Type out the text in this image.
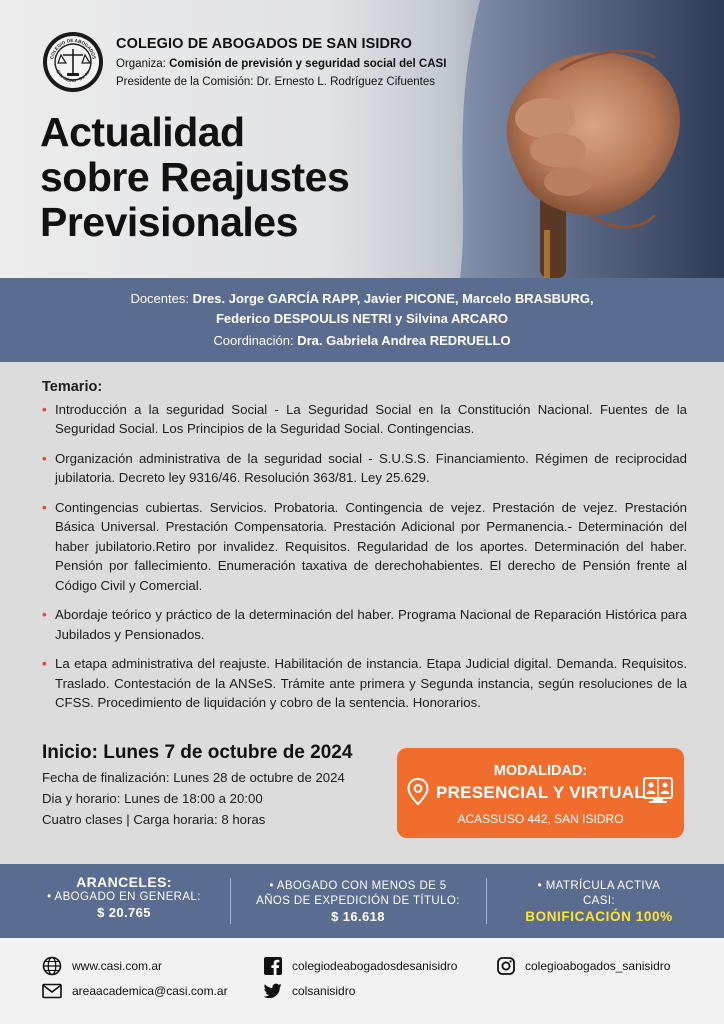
COLEGIO DE ABOGADOS
SAN ISIDRO · Bs. As.
COLEGIO DE ABOGADOS DE SAN ISIDRO
Organiza: Comisión de previsión y seguridad social del CASI
Presidente de la Comisión: Dr. Ernesto L. Rodríguez Cifuentes
Actualidad
sobre Reajustes
Previsionales
Docentes: Dres. Jorge GARCÍA RAPP, Javier PICONE, Marcelo BRASBURG,
Federico DESPOULIS NETRI y Silvina ARCARO
Coordinación: Dra. Gabriela Andrea REDRUELLO
Temario:
• Introducción a la seguridad Social - La Seguridad Social en la Constitución Nacional. Fuentes de la Seguridad Social. Los Principios de la Seguridad Social. Contingencias.
• Organización administrativa de la seguridad social - S.U.S.S. Financiamiento. Régimen de reciprocidad jubilatoria. Decreto ley 9316/46. Resolución 363/81. Ley 25.629.
• Contingencias cubiertas. Servicios. Probatoria. Contingencia de vejez. Prestación de vejez. Prestación Básica Universal. Prestación Compensatoria. Prestación Adicional por Permanencia.- Determinación del haber jubilatorio.Retiro por invalidez. Requisitos. Regularidad de los aportes. Determinación del haber. Pensión por fallecimiento. Enumeración taxativa de derechohabientes. El derecho de Pensión frente al Código Civil y Comercial.
• Abordaje teórico y práctico de la determinación del haber. Programa Nacional de Reparación Histórica para Jubilados y Pensionados.
• La etapa administrativa del reajuste. Habilitación de instancia. Etapa Judicial digital. Demanda. Requisitos. Traslado. Contestación de la ANSeS. Trámite ante primera y Segunda instancia, según resoluciones de la CFSS. Procedimiento de liquidación y cobro de la sentencia. Honorarios.
Inicio: Lunes 7 de octubre de 2024
Fecha de finalización: Lunes 28 de octubre de 2024
Dia y horario: Lunes de 18:00 a 20:00
Cuatro clases | Carga horaria: 8 horas
MODALIDAD:
PRESENCIAL Y VIRTUAL
ACASSUSO 442, SAN ISIDRO
ARANCELES:
• ABOGADO EN GENERAL:
$ 20.765
• ABOGADO CON MENOS DE 5
AÑOS DE EXPEDICIÓN DE TÍTULO:
$ 16.618
• MATRÍCULA ACTIVA
CASI:
BONIFICACIÓN 100%
www.casi.com.ar
areaacademica@casi.com.ar
colegiodeabogadosdesanisidro
colsanisidro
colegioabogados_sanisidro
